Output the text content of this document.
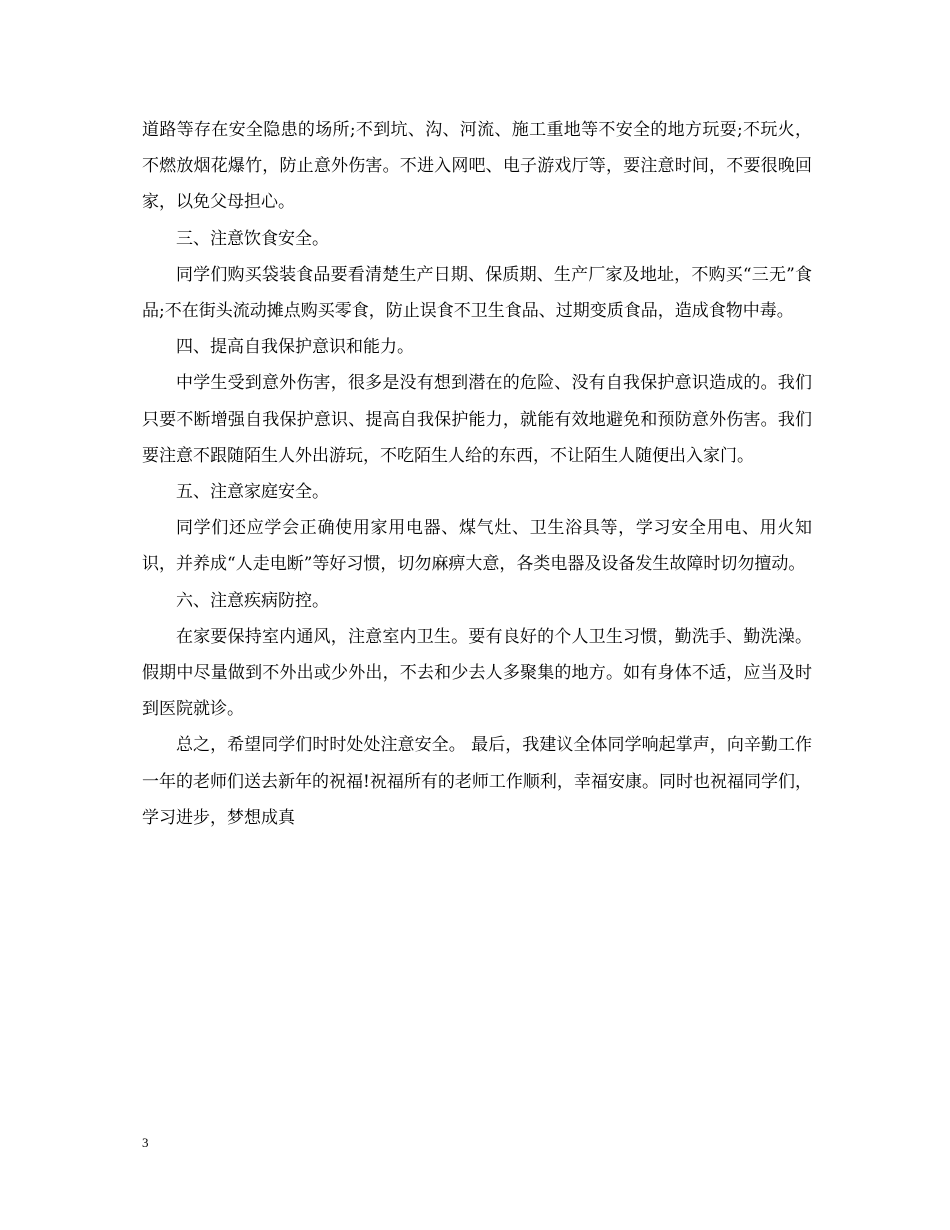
道路等存在安全隐患的场所;不到坑、沟、河流、施工重地等不安全的地方玩耍;不玩火，不燃放烟花爆竹，防止意外伤害。不进入网吧、电子游戏厅等，要注意时间，不要很晚回家，以免父母担心。

三、注意饮食安全。

同学们购买袋装食品要看清楚生产日期、保质期、生产厂家及地址，不购买“三无”食品;不在街头流动摊点购买零食，防止误食不卫生食品、过期变质食品，造成食物中毒。

四、提高自我保护意识和能力。

中学生受到意外伤害，很多是没有想到潜在的危险、没有自我保护意识造成的。我们只要不断增强自我保护意识、提高自我保护能力，就能有效地避免和预防意外伤害。我们要注意不跟随陌生人外出游玩，不吃陌生人给的东西，不让陌生人随便出入家门。

五、注意家庭安全。

同学们还应学会正确使用家用电器、煤气灶、卫生浴具等，学习安全用电、用火知识，并养成“人走电断”等好习惯，切勿麻痹大意，各类电器及设备发生故障时切勿擅动。

六、注意疾病防控。

在家要保持室内通风，注意室内卫生。要有良好的个人卫生习惯，勤洗手、勤洗澡。假期中尽量做到不外出或少外出，不去和少去人多聚集的地方。如有身体不适，应当及时到医院就诊。

总之，希望同学们时时处处注意安全。 最后，我建议全体同学响起掌声，向辛勤工作一年的老师们送去新年的祝福!祝福所有的老师工作顺利，幸福安康。同时也祝福同学们，学习进步，梦想成真

3
